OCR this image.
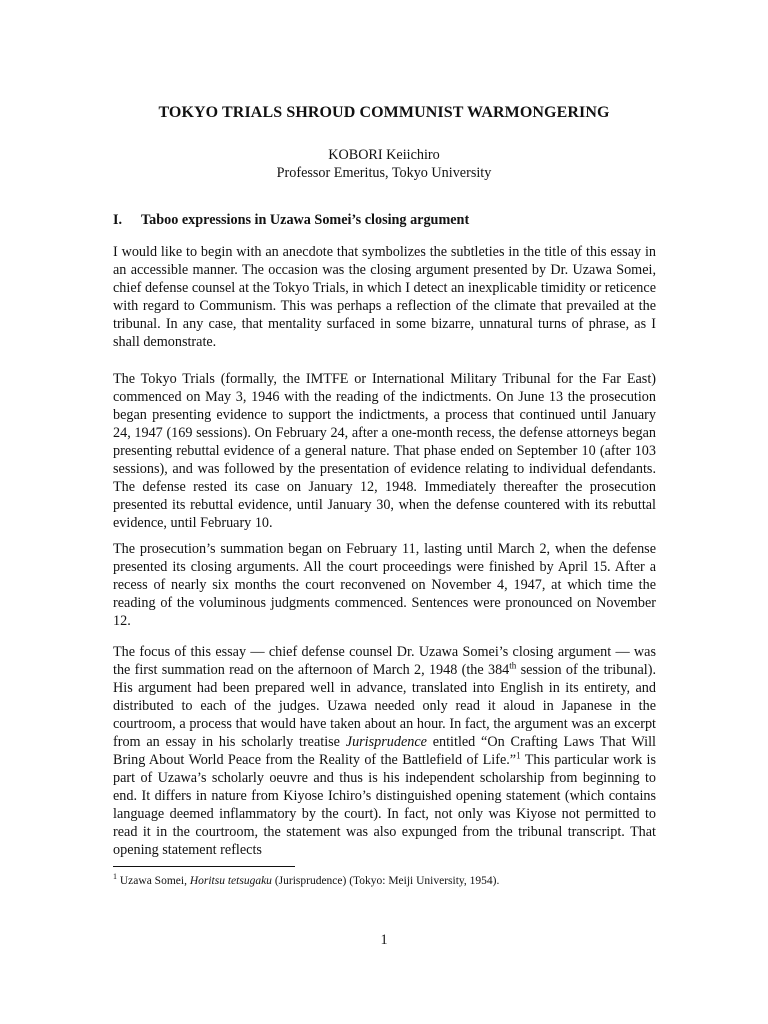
TOKYO TRIALS SHROUD COMMUNIST WARMONGERING
KOBORI Keiichiro
Professor Emeritus, Tokyo University
I. Taboo expressions in Uzawa Somei’s closing argument

I would like to begin with an anecdote that symbolizes the subtleties in the title of this essay in an accessible manner. The occasion was the closing argument presented by Dr. Uzawa Somei, chief defense counsel at the Tokyo Trials, in which I detect an inexplicable timidity or reticence with regard to Communism. This was perhaps a reflection of the climate that prevailed at the tribunal. In any case, that mentality surfaced in some bizarre, unnatural turns of phrase, as I shall demonstrate.

The Tokyo Trials (formally, the IMTFE or International Military Tribunal for the Far East) commenced on May 3, 1946 with the reading of the indictments. On June 13 the prosecution began presenting evidence to support the indictments, a process that continued until January 24, 1947 (169 sessions). On February 24, after a one-month recess, the defense attorneys began presenting rebuttal evidence of a general nature. That phase ended on September 10 (after 103 sessions), and was followed by the presentation of evidence relating to individual defendants. The defense rested its case on January 12, 1948. Immediately thereafter the prosecution presented its rebuttal evidence, until January 30, when the defense countered with its rebuttal evidence, until February 10.

The prosecution’s summation began on February 11, lasting until March 2, when the defense presented its closing arguments. All the court proceedings were finished by April 15. After a recess of nearly six months the court reconvened on November 4, 1947, at which time the reading of the voluminous judgments commenced. Sentences were pronounced on November 12.

The focus of this essay — chief defense counsel Dr. Uzawa Somei’s closing argument — was the first summation read on the afternoon of March 2, 1948 (the 384th session of the tribunal). His argument had been prepared well in advance, translated into English in its entirety, and distributed to each of the judges. Uzawa needed only read it aloud in Japanese in the courtroom, a process that would have taken about an hour. In fact, the argument was an excerpt from an essay in his scholarly treatise Jurisprudence entitled “On Crafting Laws That Will Bring About World Peace from the Reality of the Battlefield of Life.”$^1$ This particular work is part of Uzawa’s scholarly oeuvre and thus is his independent scholarship from beginning to end. It differs in nature from Kiyose Ichiro’s distinguished opening statement (which contains language deemed inflammatory by the court). In fact, not only was Kiyose not permitted to read it in the courtroom, the statement was also expunged from the tribunal transcript. That opening statement reflects

$^1$ Uzawa Somei, Horitsu tetsugaku (Jurisprudence) (Tokyo: Meiji University, 1954).
1
